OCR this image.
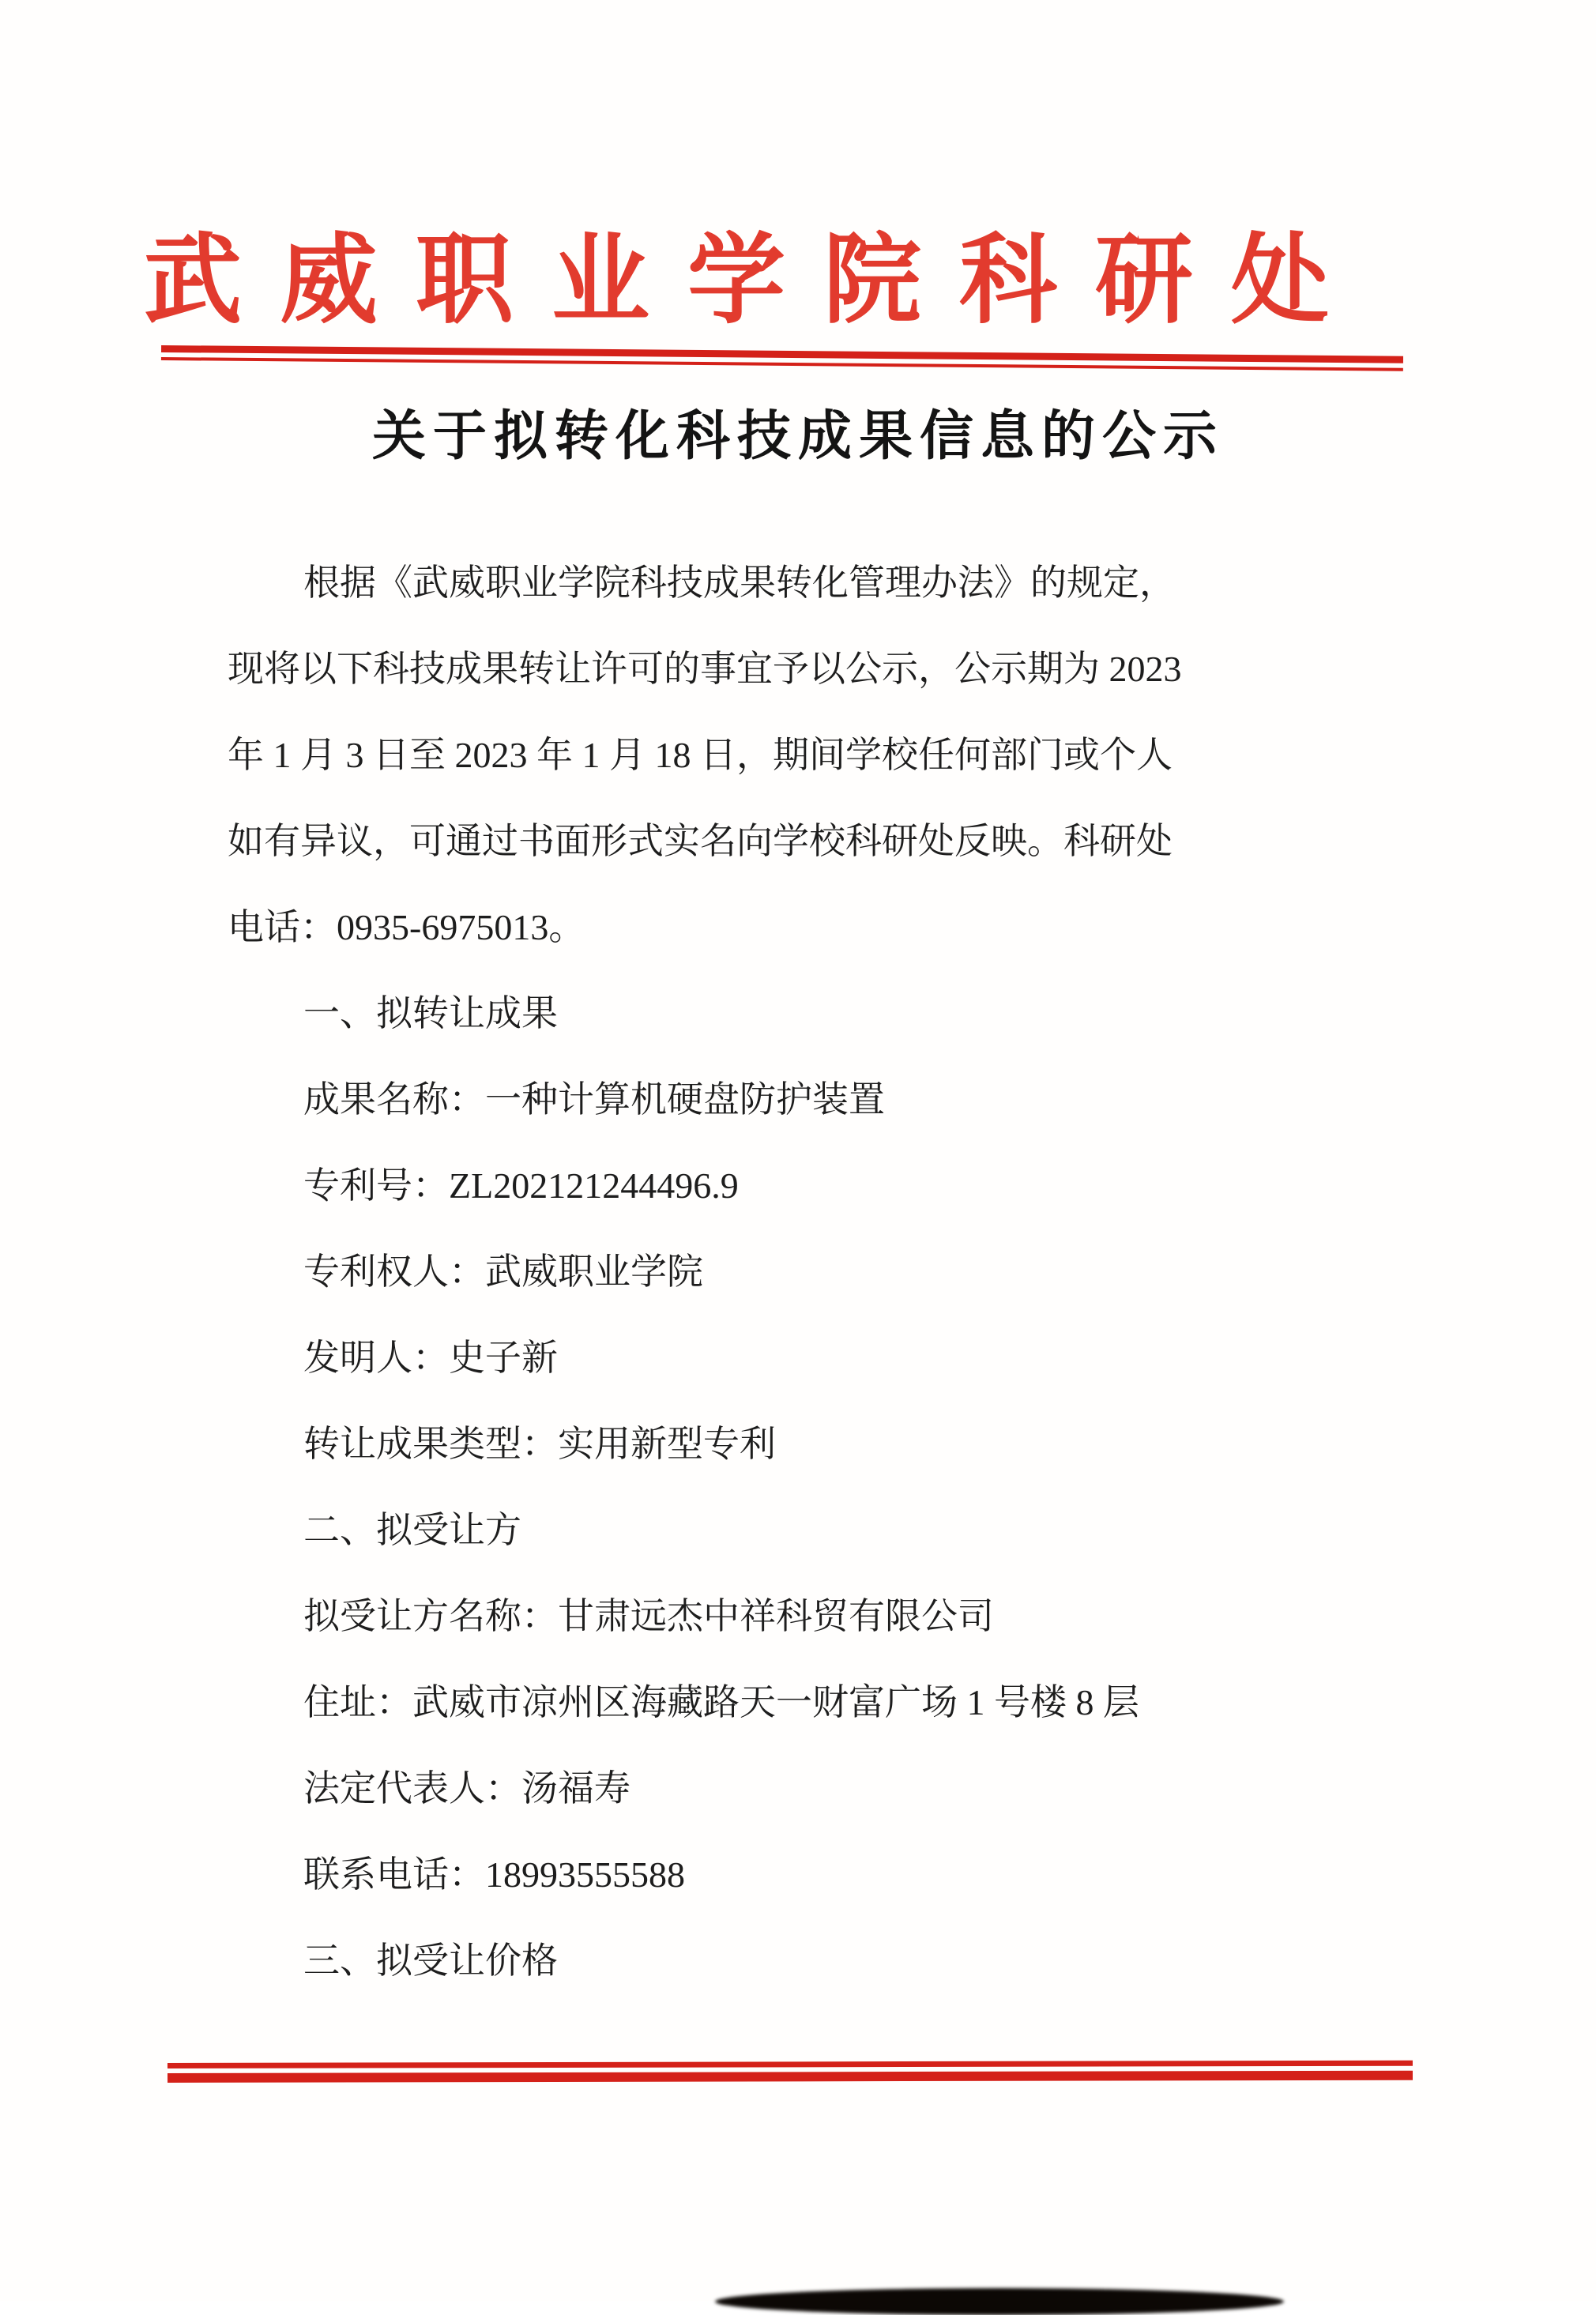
武威职业学院科研处
关于拟转化科技成果信息的公示
根据《武威职业学院科技成果转化管理办法》的规定，
现将以下科技成果转让许可的事宜予以公示，公示期为 2023
年 1 月 3 日至 2023 年 1 月 18 日，期间学校任何部门或个人
如有异议，可通过书面形式实名向学校科研处反映。科研处
电话：0935-6975013。
一、拟转让成果
成果名称：一种计算机硬盘防护装置
专利号：ZL202121244496.9
专利权人：武威职业学院
发明人：史子新
转让成果类型：实用新型专利
二、拟受让方
拟受让方名称：甘肃远杰中祥科贸有限公司
住址：武威市凉州区海藏路天一财富广场 1 号楼 8 层
法定代表人：汤福寿
联系电话：18993555588
三、拟受让价格
